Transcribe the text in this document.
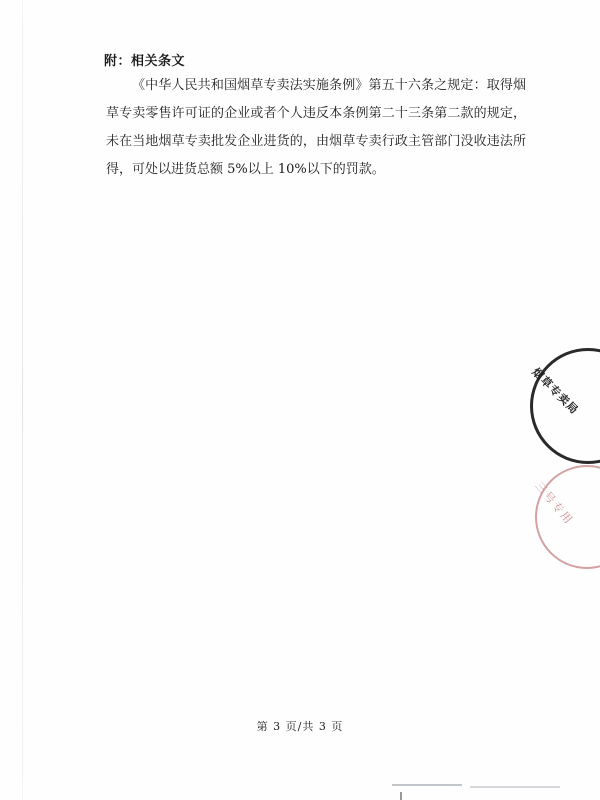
附：相关条文

《中华人民共和国烟草专卖法实施条例》第五十六条之规定：取得烟草专卖零售许可证的企业或者个人违反本条例第二十三条第二款的规定，未在当地烟草专卖批发企业进货的，由烟草专卖行政主管部门没收违法所得，可处以进货总额 5%以上 10%以下的罚款。

烟草专卖局
三号专用
第 3 页/共 3 页
